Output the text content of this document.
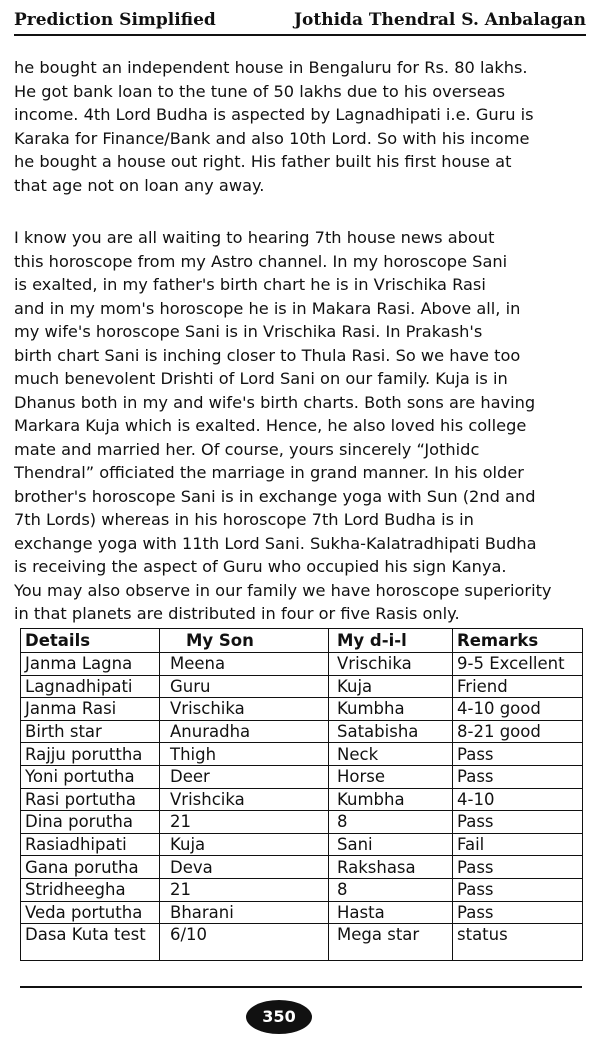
Prediction Simplified	Jothida Thendral S. Anbalagan
he bought an independent house in Bengaluru for Rs. 80 lakhs.
He got bank loan to the tune of 50 lakhs due to his overseas
income. 4th Lord Budha is aspected by Lagnadhipati i.e. Guru is
Karaka for Finance/Bank and also 10th Lord. So with his income
he bought a house out right. His father built his first house at
that age not on loan any away.
I know you are all waiting to hearing 7th house news about
this horoscope from my Astro channel. In my horoscope Sani
is exalted, in my father's birth chart he is in Vrischika Rasi
and in my mom's horoscope he is in Makara Rasi. Above all, in
my wife's horoscope Sani is in Vrischika Rasi. In Prakash's
birth chart Sani is inching closer to Thula Rasi. So we have too
much benevolent Drishti of Lord Sani on our family. Kuja is in
Dhanus both in my and wife's birth charts. Both sons are having
Markara Kuja which is exalted. Hence, he also loved his college
mate and married her. Of course, yours sincerely “Jothidc
Thendral” officiated the marriage in grand manner. In his older
brother's horoscope Sani is in exchange yoga with Sun (2nd and
7th Lords) whereas in his horoscope 7th Lord Budha is in
exchange yoga with 11th Lord Sani. Sukha-Kalatradhipati Budha
is receiving the aspect of Guru who occupied his sign Kanya.
You may also observe in our family we have horoscope superiority
in that planets are distributed in four or five Rasis only.
Details	My Son	My d-i-l	Remarks
Janma Lagna	Meena	Vrischika	9-5 Excellent
Lagnadhipati	Guru	Kuja	Friend
Janma Rasi	Vrischika	Kumbha	4-10 good
Birth star	Anuradha	Satabisha	8-21 good
Rajju poruttha	Thigh	Neck	Pass
Yoni portutha	Deer	Horse	Pass
Rasi portutha	Vrishcika	Kumbha	4-10
Dina porutha	21	8	Pass
Rasiadhipati	Kuja	Sani	Fail
Gana porutha	Deva	Rakshasa	Pass
Stridheegha	21	8	Pass
Veda portutha	Bharani	Hasta	Pass
Dasa Kuta test	6/10	Mega star	status
350
